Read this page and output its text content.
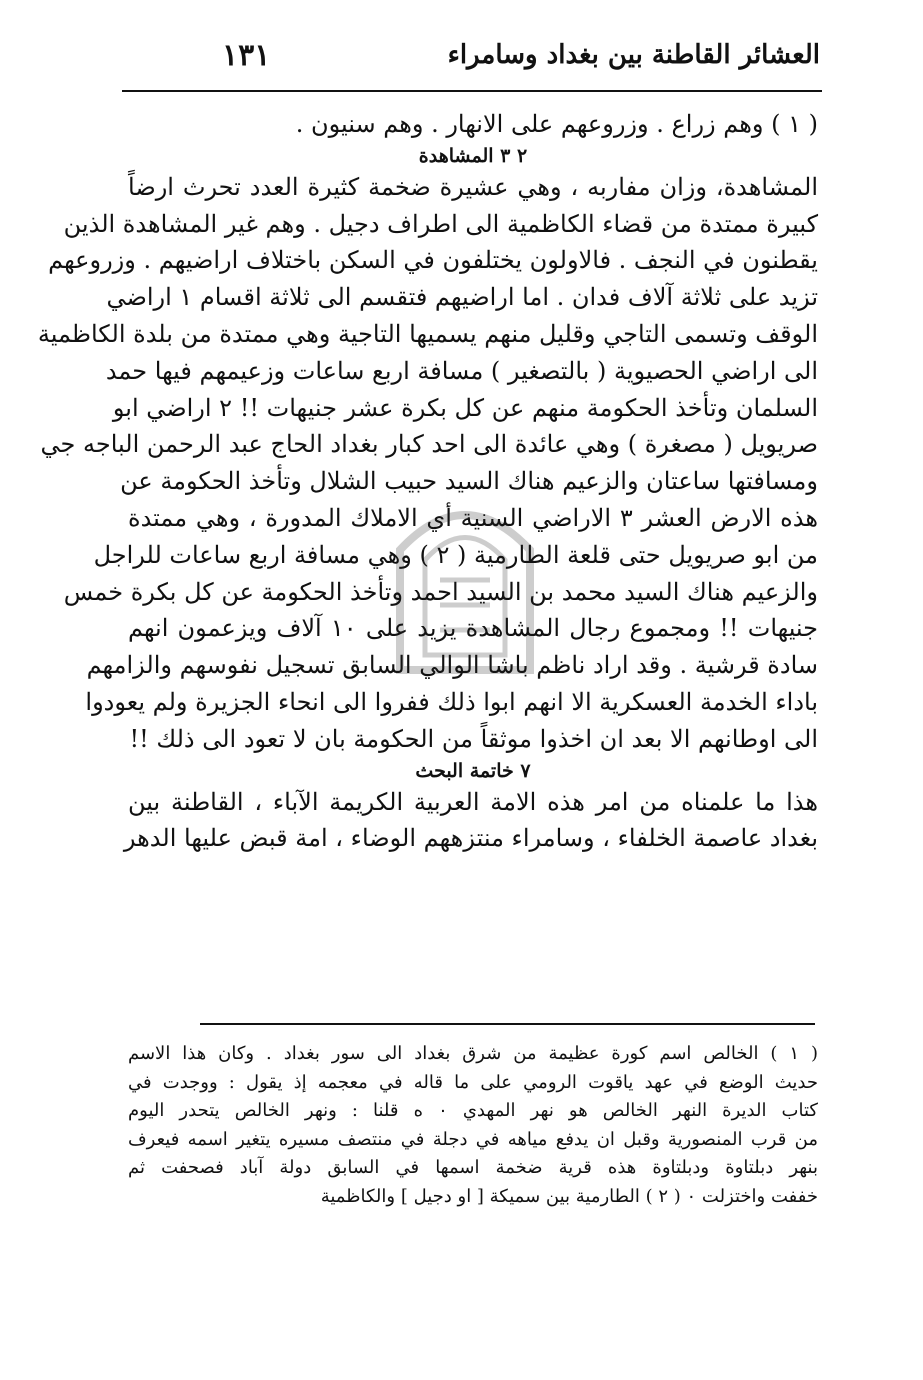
١٣١	العشائر القاطنة بين بغداد وسامراء
( ١ ) وهم زراع . وزروعهم على الانهار . وهم سنيون .
٢ ٣ المشاهدة
المشاهدة، وزان مفاربه ، وهي عشيرة ضخمة كثيرة العدد تحرث ارضاً
كبيرة ممتدة من قضاء الكاظمية الى اطراف دجيل . وهم غير المشاهدة الذين
يقطنون في النجف . فالاولون يختلفون في السكن باختلاف اراضيهم . وزروعهم
تزيد على ثلاثة آلاف فدان . اما اراضيهم فتقسم الى ثلاثة اقسام ١ اراضي
الوقف وتسمى التاجي وقليل منهم يسميها التاجية وهي ممتدة من بلدة الكاظمية
الى اراضي الحصيوية ( بالتصغير ) مسافة اربع ساعات وزعيمهم فيها حمد
السلمان وتأخذ الحكومة منهم عن كل بكرة عشر جنيهات !! ٢ اراضي ابو
صريويل ( مصغرة ) وهي عائدة الى احد كبار بغداد الحاج عبد الرحمن الباجه جي
ومسافتها ساعتان والزعيم هناك السيد حبيب الشلال وتأخذ الحكومة عن
هذه الارض العشر ٣ الاراضي السنية أي الاملاك المدورة ، وهي ممتدة
من ابو صريويل حتى قلعة الطارمية ( ٢ ) وهي مسافة اربع ساعات للراجل
والزعيم هناك السيد محمد بن السيد احمد وتأخذ الحكومة عن كل بكرة خمس
جنيهات !! ومجموع رجال المشاهدة يزيد على ١٠ آلاف ويزعمون انهم
سادة قرشية . وقد اراد ناظم باشا الوالي السابق تسجيل نفوسهم والزامهم
باداء الخدمة العسكرية الا انهم ابوا ذلك ففروا الى انحاء الجزيرة ولم يعودوا
الى اوطانهم الا بعد ان اخذوا موثقاً من الحكومة بان لا تعود الى ذلك !!
٧ خاتمة البحث
هذا ما علمناه من امر هذه الامة العربية الكريمة الآباء ، القاطنة بين
بغداد عاصمة الخلفاء ، وسامراء منتزههم الوضاء ، امة قبض عليها الدهر
( ١ ) الخالص اسم كورة عظيمة من شرق بغداد الى سور بغداد . وكان هذا الاسم
حديث الوضع في عهد ياقوت الرومي على ما قاله في معجمه إذ يقول : ووجدت في
كتاب الديرة النهر الخالص هو نهر المهدي ٠ ه قلنا : ونهر الخالص يتحدر اليوم
من قرب المنصورية وقبل ان يدفع مياهه في دجلة في منتصف مسيره يتغير اسمه فيعرف
بنهر دبلتاوة ودبلتاوة هذه قرية ضخمة اسمها في السابق دولة آباد فصحفت ثم
خففت واختزلت ٠ ( ٢ ) الطارمية بين سميكة [ او دجيل ] والكاظمية
